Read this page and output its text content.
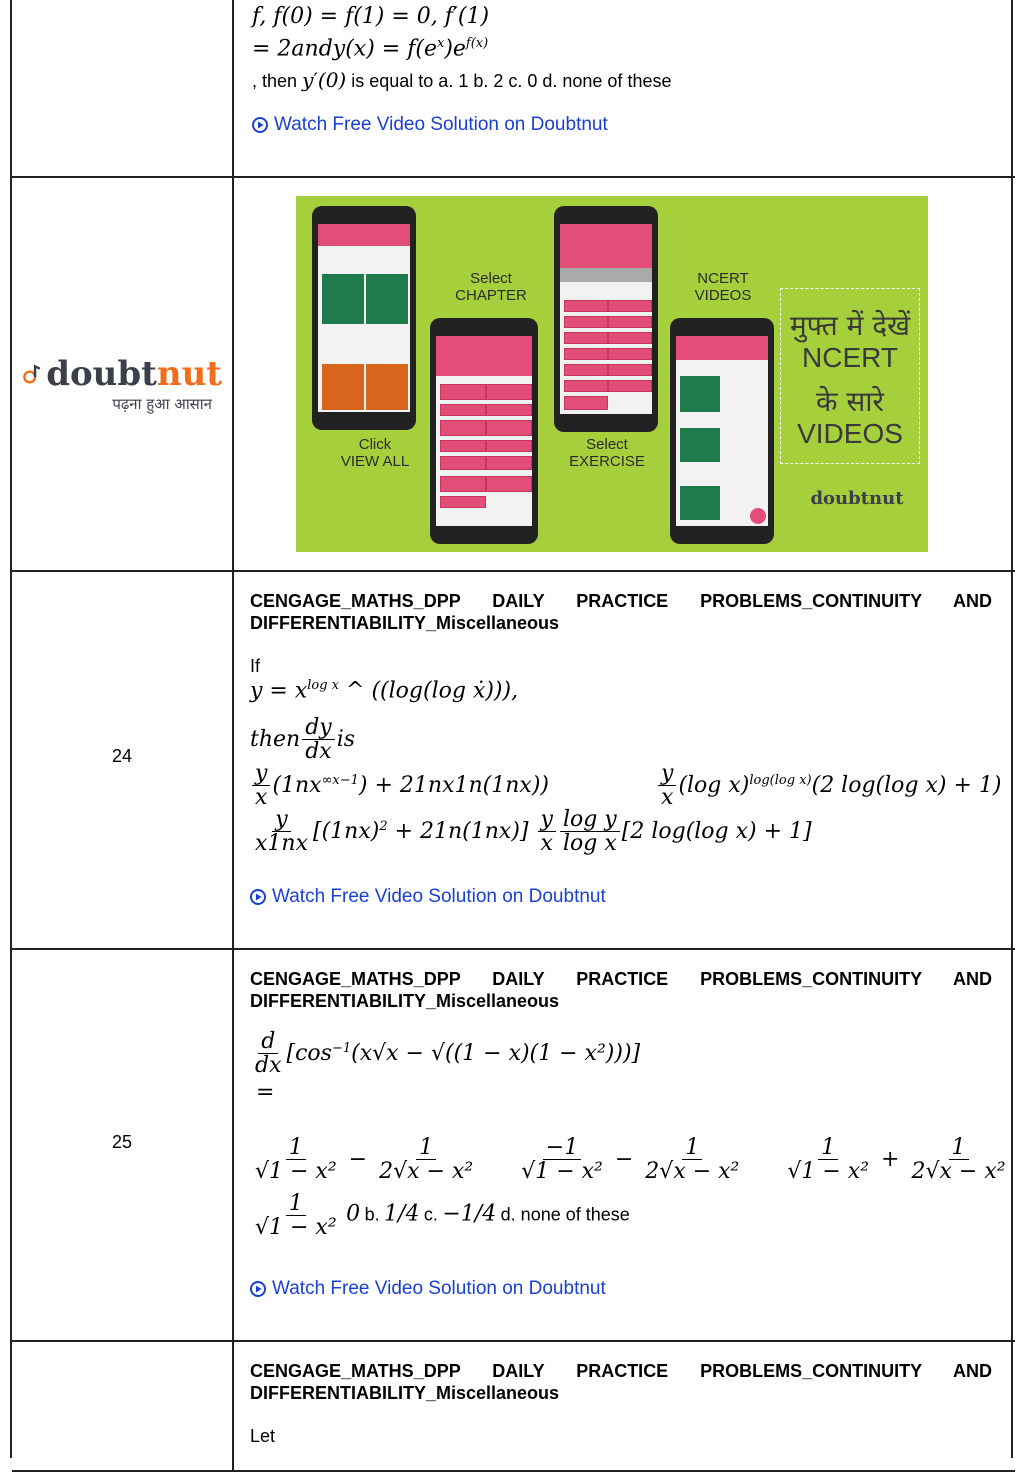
f, f(0) = f(1) = 0, f′(1)
= 2andy(x) = $f(e^x)e^{f(x)}$
, then y′(0) is equal to a. 1 b. 2 c. 0 d. none of these
Watch Free Video Solution on Doubtnut
24
25
doubt nut
पढ़ना हुआ आसान
Select
CHAPTER
NCERT
VIDEOS
Click
VIEW ALL
Select
EXERCISE
मुफ्त में देखें
NCERT
के सारे
VIDEOS
doubtnut
CENGAGE_MATHS_DPP DAILY PRACTICE PROBLEMS_CONTINUITY AND
DIFFERENTIABILITY_Miscellaneous
If
$y = x^{log x}$ ^ ((log(log ẋ))),
then $\frac{dy}{dx}$ is
$\frac{y}{x} (1nx^{\infty x-1}) + 21nx1n(1nx)$)	$\frac{y}{x} (\log$ x)$^{log(log x)}$(2 log(log x) + 1)
$\frac{y}{x1nx} [(1nx)^2 + 21n(1nx)] \frac{y}{x} \frac{\text{log y}}{\text{log x}} [2$ log(log x) + 1]
Watch Free Video Solution on Doubtnut
CENGAGE_MATHS_DPP DAILY PRACTICE PROBLEMS_CONTINUITY AND
DIFFERENTIABILITY_Miscellaneous
$\frac{d}{dx} [\cos^{-1}(x√x - √((1 - x)(1 - x^2)))]$
=
$\frac{1}{\text{√1 − x²}} - \frac{1}{\text{2√x − x²}}$
$\frac{-1}{\text{√1 − x²}} - \frac{1}{\text{2√x − x²}}$
$\frac{1}{\text{√1 − x²}} + \frac{1}{\text{2√x − x²}}$
$\frac{1}{\text{√1 − x²}} 0$ b. 1/4 c. −1/4 d. none of these
Watch Free Video Solution on Doubtnut
CENGAGE_MATHS_DPP DAILY PRACTICE PROBLEMS_CONTINUITY AND
DIFFERENTIABILITY_Miscellaneous
Let
